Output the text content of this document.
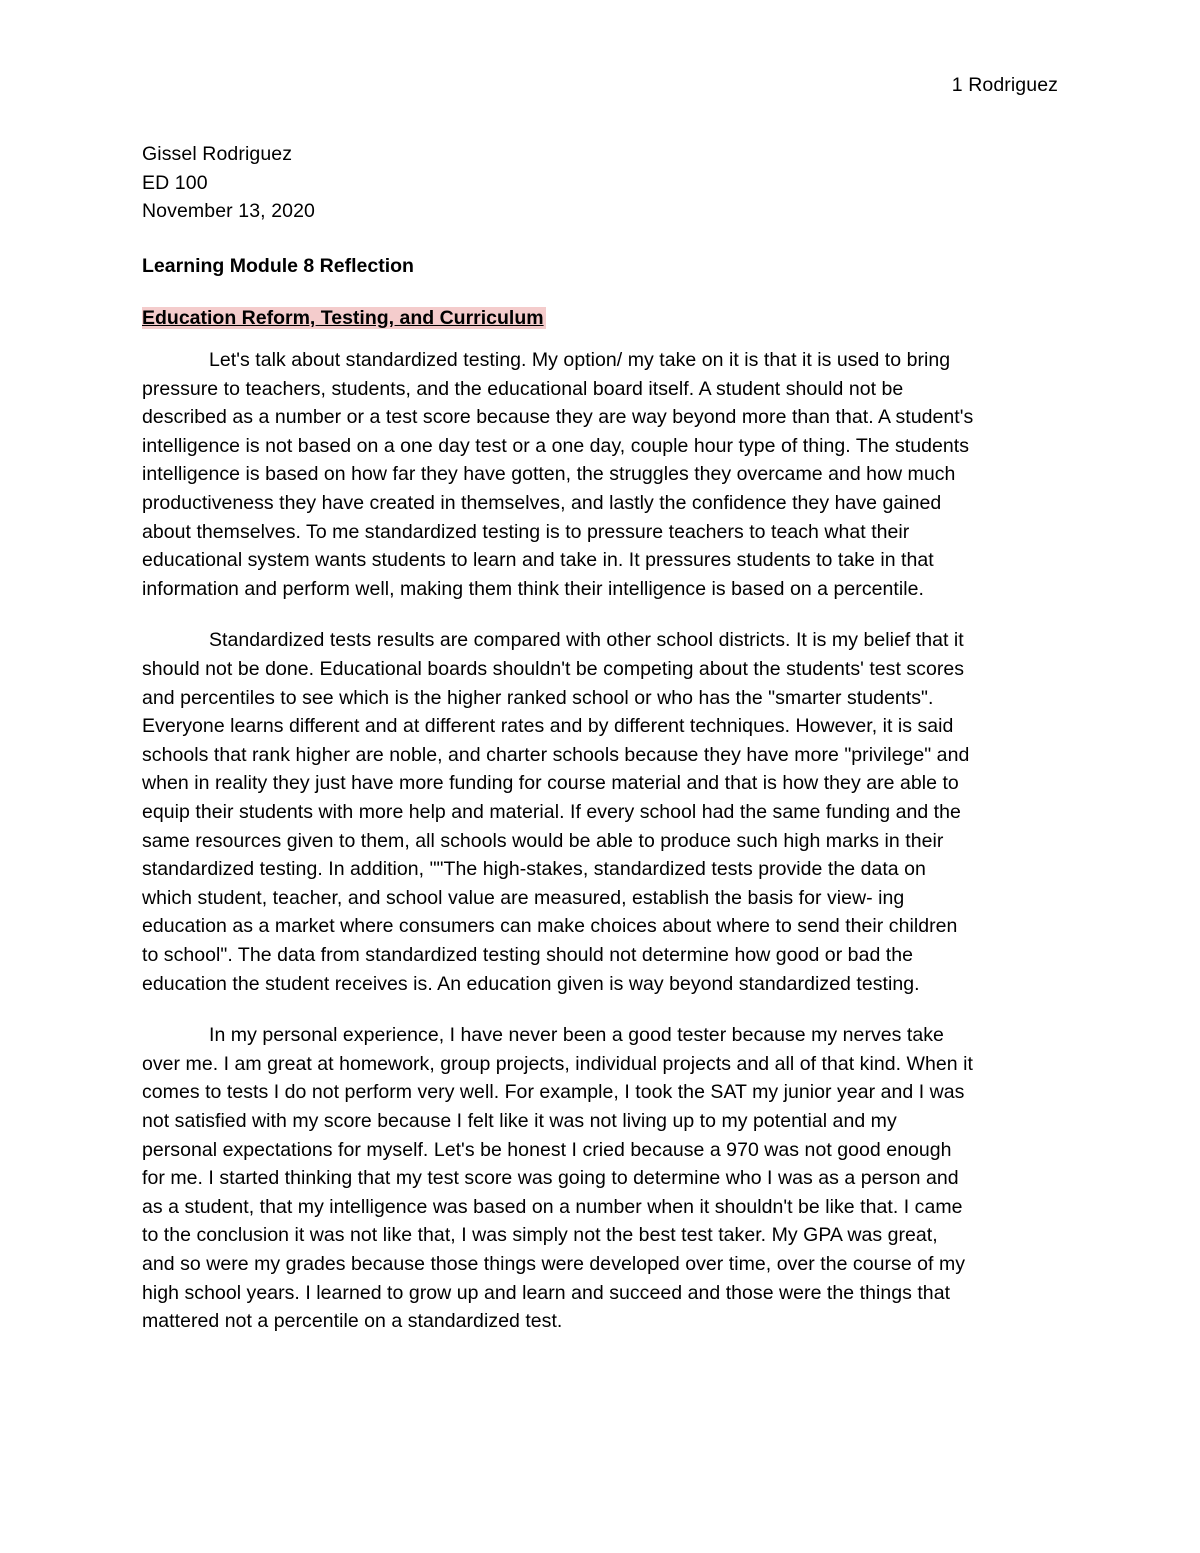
1 Rodriguez

Gissel Rodriguez

ED 100

November 13, 2020

Learning Module 8 Reflection

Education Reform, Testing, and Curriculum

Let's talk about standardized testing. My option/ my take on it is that it is used to bring
pressure to teachers, students, and the educational board itself. A student should not be
described as a number or a test score because they are way beyond more than that. A student's
intelligence is not based on a one day test or a one day, couple hour type of thing. The students
intelligence is based on how far they have gotten, the struggles they overcame and how much
productiveness they have created in themselves, and lastly the confidence they have gained
about themselves. To me standardized testing is to pressure teachers to teach what their
educational system wants students to learn and take in. It pressures students to take in that
information and perform well, making them think their intelligence is based on a percentile.
Standardized tests results are compared with other school districts. It is my belief that it
should not be done. Educational boards shouldn't be competing about the students' test scores
and percentiles to see which is the higher ranked school or who has the "smarter students".
Everyone learns different and at different rates and by different techniques. However, it is said
schools that rank higher are noble, and charter schools because they have more "privilege" and
when in reality they just have more funding for course material and that is how they are able to
equip their students with more help and material. If every school had the same funding and the
same resources given to them, all schools would be able to produce such high marks in their
standardized testing. In addition, ""The high-stakes, standardized tests provide the data on
which student, teacher, and school value are measured, establish the basis for view- ing
education as a market where consumers can make choices about where to send their children
to school". The data from standardized testing should not determine how good or bad the
education the student receives is. An education given is way beyond standardized testing.
In my personal experience, I have never been a good tester because my nerves take
over me. I am great at homework, group projects, individual projects and all of that kind. When it
comes to tests I do not perform very well. For example, I took the SAT my junior year and I was
not satisfied with my score because I felt like it was not living up to my potential and my
personal expectations for myself. Let's be honest I cried because a 970 was not good enough
for me. I started thinking that my test score was going to determine who I was as a person and
as a student, that my intelligence was based on a number when it shouldn't be like that. I came
to the conclusion it was not like that, I was simply not the best test taker. My GPA was great,
and so were my grades because those things were developed over time, over the course of my
high school years. I learned to grow up and learn and succeed and those were the things that
mattered not a percentile on a standardized test.
